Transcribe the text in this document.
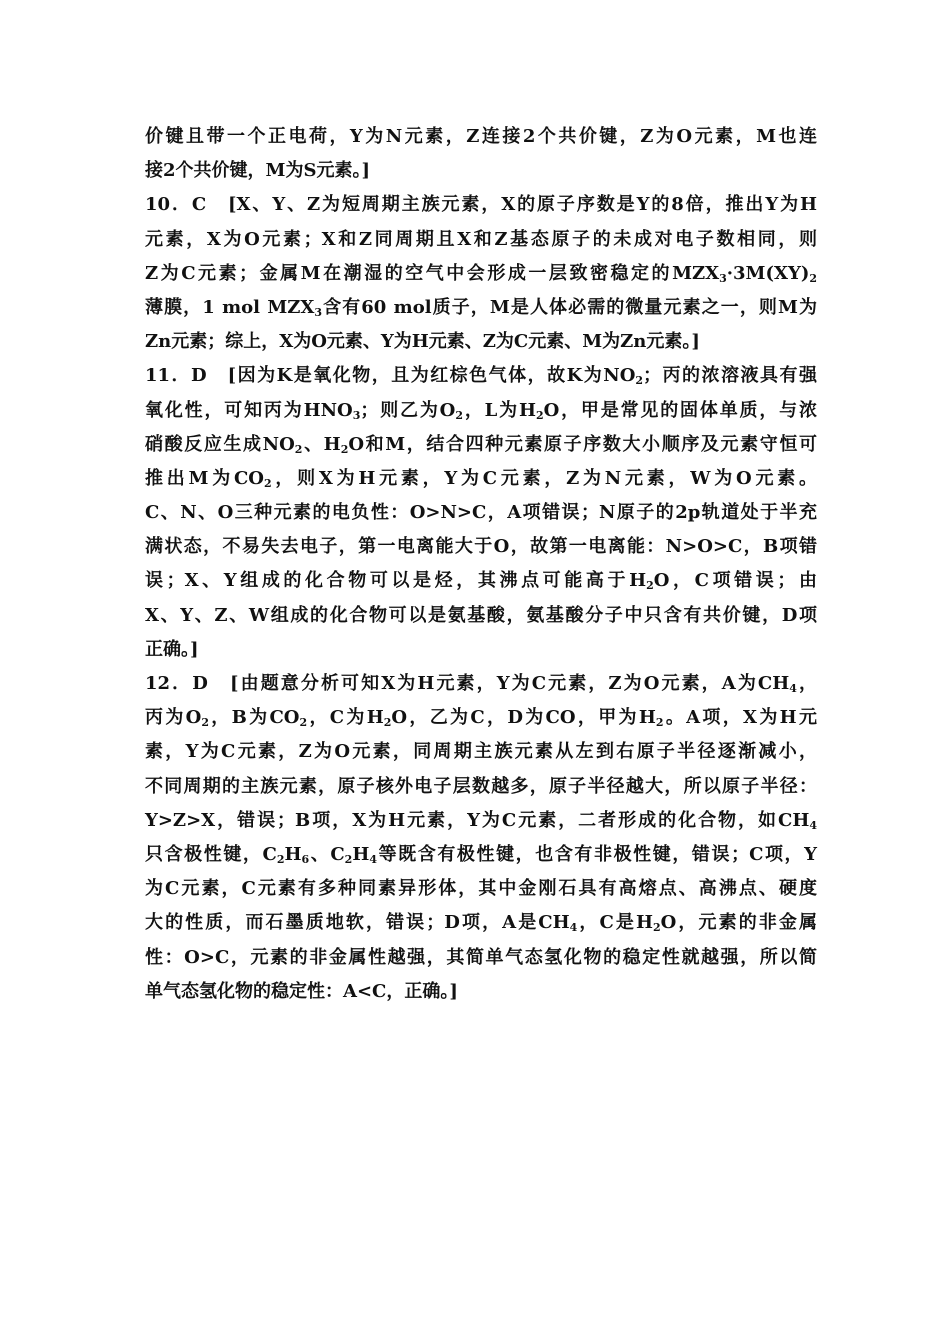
价键且带一个正电荷，Y为N元素，Z连接2个共价键，Z为O元素，M也连
接2个共价键，M为S元素。]
10．C　[X、Y、Z为短周期主族元素，X的原子序数是Y的8倍，推出Y为H
元素，X为O元素；X和Z同周期且X和Z基态原子的未成对电子数相同，则
Z为C元素；金属M在潮湿的空气中会形成一层致密稳定的$MZX_3\cdot 3M(XY)_2$
薄膜，1 mol $MZX_3$含有60 mol质子，M是人体必需的微量元素之一，则M为
Zn元素；综上，X为O元素、Y为H元素、Z为C元素、M为Zn元素。]
11．D　[因为K是氧化物，且为红棕色气体，故K为$NO_2$；丙的浓溶液具有强
氧化性，可知丙为$HNO_3$；则乙为$O_2$，L为$H_2O$，甲是常见的固体单质，与浓
硝酸反应生成$NO_2$、$H_2O$和M，结合四种元素原子序数大小顺序及元素守恒可
推出M为$CO_2$，则X为H元素，Y为C元素，Z为N元素，W为O元素。
C、N、O三种元素的电负性：O>N>C，A项错误；N原子的2p轨道处于半充
满状态，不易失去电子，第一电离能大于O，故第一电离能：N>O>C，B项错
误；X、Y组成的化合物可以是烃，其沸点可能高于$H_2O$，C项错误；由
X、Y、Z、W组成的化合物可以是氨基酸，氨基酸分子中只含有共价键，D项
正确。]
12．D　[由题意分析可知X为H元素，Y为C元素，Z为O元素，A为$CH_4$，
丙为$O_2$，B为$CO_2$，C为$H_2O$，乙为C，D为CO，甲为$H_2$。A项，X为H元
素，Y为C元素，Z为O元素，同周期主族元素从左到右原子半径逐渐减小，
不同周期的主族元素，原子核外电子层数越多，原子半径越大，所以原子半径：
Y>Z>X，错误；B项，X为H元素，Y为C元素，二者形成的化合物，如$CH_4$
只含极性键，$C_2H_6$、$C_2H_4$等既含有极性键，也含有非极性键，错误；C项，Y
为C元素，C元素有多种同素异形体，其中金刚石具有高熔点、高沸点、硬度
大的性质，而石墨质地软，错误；D项，A是$CH_4$，C是$H_2O$，元素的非金属
性：O>C，元素的非金属性越强，其简单气态氢化物的稳定性就越强，所以简
单气态氢化物的稳定性：A<C，正确。]
